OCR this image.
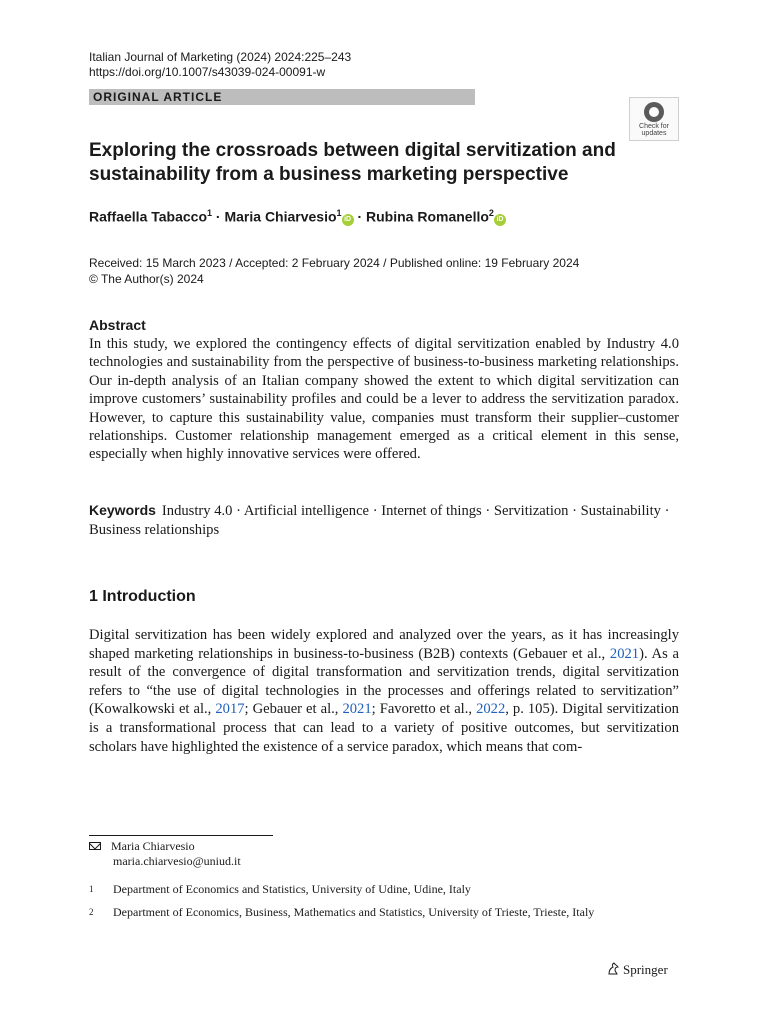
Italian Journal of Marketing (2024) 2024:225–243
https://doi.org/10.1007/s43039-024-00091-w
ORIGINAL ARTICLE
Check for
updates
Exploring the crossroads between digital servitization and sustainability from a business marketing perspective
Raffaella Tabacco$^1$ · Maria Chiarvesio$^1$iD · Rubina Romanello$^2$iD
Received: 15 March 2023 / Accepted: 2 February 2024 / Published online: 19 February 2024
© The Author(s) 2024
Abstract

In this study, we explored the contingency effects of digital servitization enabled by Industry 4.0 technologies and sustainability from the perspective of business-to-business marketing relationships. Our in-depth analysis of an Italian company showed the extent to which digital servitization can improve customers’ sustainability profiles and could be a lever to address the servitization paradox. However, to capture this sustainability value, companies must transform their supplier–customer relationships. Customer relationship management emerged as a critical element in this sense, especially when highly innovative services were offered.

Keywords Industry 4.0 · Artificial intelligence · Internet of things · Servitization · Sustainability · Business relationships

1 Introduction

Digital servitization has been widely explored and analyzed over the years, as it has increasingly shaped marketing relationships in business-to-business (B2B) contexts (Gebauer et al., 2021). As a result of the convergence of digital transformation and servitization trends, digital servitization refers to “the use of digital technologies in the processes and offerings related to servitization” (Kowalkowski et al., 2017; Gebauer et al., 2021; Favoretto et al., 2022, p. 105). Digital servitization is a transformational process that can lead to a variety of positive outcomes, but servitization scholars have highlighted the existence of a service paradox, which means that com-

Maria Chiarvesio
maria.chiarvesio@uniud.it
1 Department of Economics and Statistics, University of Udine, Udine, Italy
2 Department of Economics, Business, Mathematics and Statistics, University of Trieste, Trieste, Italy
Springer
